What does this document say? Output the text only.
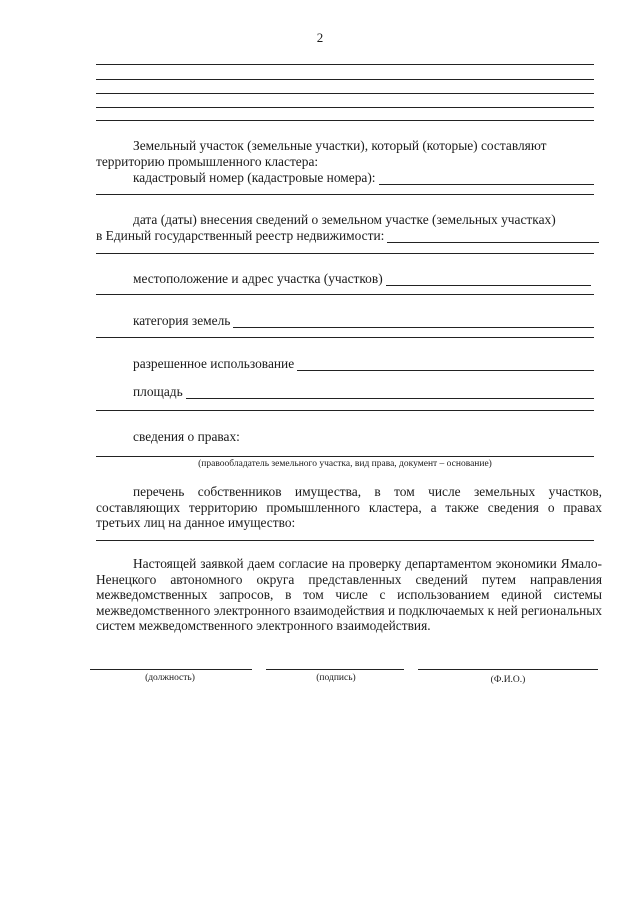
2
Земельный участок (земельные участки), который (которые) составляют
территорию промышленного кластера:
кадастровый номер (кадастровые номера):
дата (даты) внесения сведений о земельном участке (земельных участках)
в Единый государственный реестр недвижимости:
местоположение и адрес участка (участков)
категория земель
разрешенное использование
площадь
сведения о правах:
(правообладатель земельного участка, вид права, документ – основание)
перечень собственников имущества, в том числе земельных участков, составляющих территорию промышленного кластера, а также сведения о правах третьих лиц на данное имущество:
Настоящей заявкой даем согласие на проверку департаментом экономики Ямало-Ненецкого автономного округа представленных сведений путем направления межведомственных запросов, в том числе с использованием единой системы межведомственного электронного взаимодействия и подключаемых к ней региональных систем межведомственного электронного взаимодействия.
(должность)	(подпись)	(Ф.И.О.)
